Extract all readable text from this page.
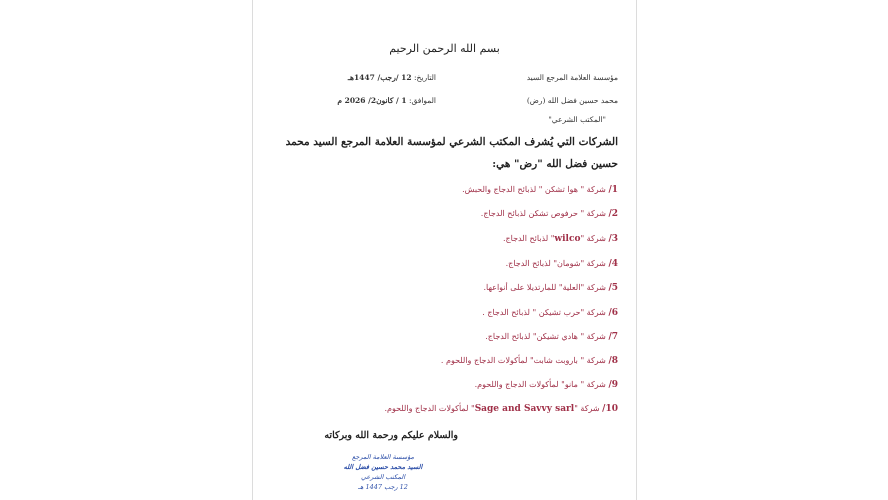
بسم الله الرحمن الرحيم
مؤسسة العلامة المرجع السيد
محمد حسين فضل الله (رض)
"المكتب الشرعي"
التاريخ: 12 /رجب/ 1447هـ
الموافق: 1 / كانون2/ 2026 م
الشركات التي يُشرف المكتب الشرعي لمؤسسة العلامة المرجع السيد محمد
حسين فضل الله "رض" هي:
1/ شركة " هوا تشكن " لذبائح الدجاج والحبش.
2/ شركة " حرفوص تشكن لذبائح الدجاج.
3/ شركة "wilco" لذبائح الدجاج.
4/ شركة "شومان" لذبائح الدجاج.
5/ شركة "العلية" للمارتديلا على أنواعها.
6/ شركة "حرب تشيكن " لذبائح الدجاج .
7/ شركة " هادي تشيكن" لذبائح الدجاج.
8/ شركة " باروبت شابت" لمأكولات الدجاج واللحوم .
9/ شركة " مانو" لمأكولات الدجاج واللحوم.
10/ شركة "Sage and Savvy sarl" لمأكولات الدجاج واللحوم.
والسلام عليكم ورحمة الله وبركاته
مؤسسة العلامة المرجع
السيد محمد حسين فضل الله
المكتب الشرعي
12 رجب 1447 هـ
